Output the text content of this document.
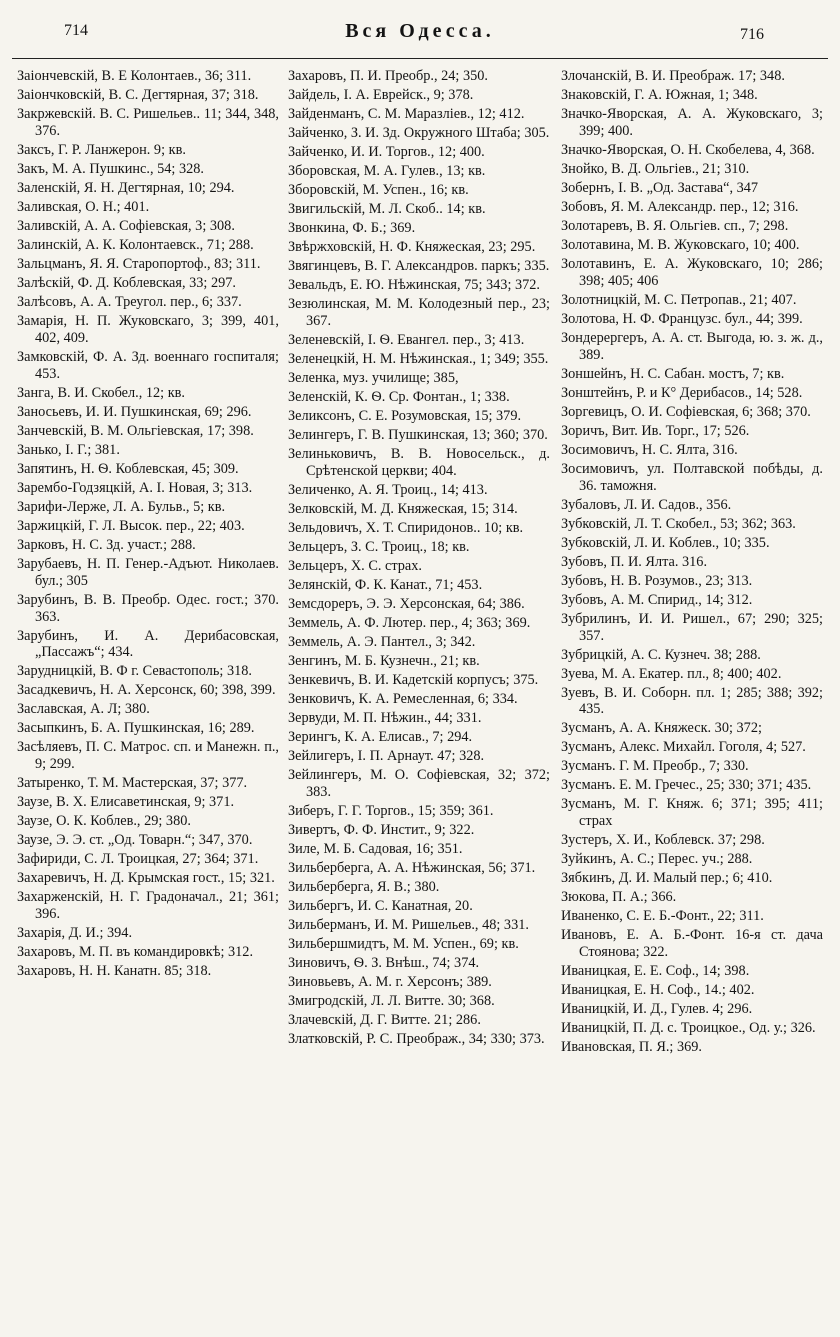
714	Вся Одесса.	716
Заіончевскій, В. Е Колонтаев., 36; 311.
Заіончковскій, В. С. Дегтярная, 37; 318.
Закржевскій. В. С. Ришельев.. 11; 344, 348, 376.
Заксъ, Г. Р. Ланжерон. 9; кв.
Закъ, М. А. Пушкинс., 54; 328.
Заленскій, Я. Н. Дегтярная, 10; 294.
Заливская, О. Н.; 401.
Заливскій, А. А. Софіевская, 3; 308.
Залинскій, А. К. Колонтаевск., 71; 288.
Зальцманъ, Я. Я. Старопортоф., 83; 311.
Залѣскій, Ф. Д. Коблевская, 33; 297.
Залѣсовъ, А. А. Треугол. пер., 6; 337.
Замарія, Н. П. Жуковскаго, 3; 399, 401, 402, 409.
Замковскій, Ф. А. Зд. военнаго госпиталя; 453.
Занга, В. И. Скобел., 12; кв.
Заносьевъ, И. И. Пушкинская, 69; 296.
Занчевскій, В. М. Ольгіевская, 17; 398.
Занько, I. Г.; 381.
Запятинъ, Н. Ѳ. Коблевская, 45; 309.
Зарембо-Годзяцкій, А. I. Новая, 3; 313.
Зарифи-Лерже, Л. А. Бульв., 5; кв.
Заржицкій, Г. Л. Высок. пер., 22; 403.
Зарковъ, Н. С. Зд. участ.; 288.
Зарубаевъ, Н. П. Генер.-Адъют. Николаев. бул.; 305
Зарубинъ, В. В. Преобр. Одес. гост.; 370. 363.
Зарубинъ, И. А. Дерибасовская, „Пассажъ“; 434.
Зарудницкій, В. Ф г. Севастополь; 318.
Засадкевичъ, Н. А. Херсонск, 60; 398, 399.
Заславская, А. Л; 380.
Засыпкинъ, Б. А. Пушкинская, 16; 289.
Засѣляевъ, П. С. Матрос. сп. и Манежн. п., 9; 299.
Затыренко, Т. М. Мастерская, 37; 377.
Заузе, В. Х. Елисаветинская, 9; 371.
Заузе, О. К. Коблев., 29; 380.
Заузе, Э. Э. ст. „Од. Товарн.“; 347, 370.
Зафириди, С. Л. Троицкая, 27; 364; 371.
Захаревичъ, Н. Д. Крымская гост., 15; 321.
Захарженскій, Н. Г. Градоначал., 21; 361; 396.
Захарія, Д. И.; 394.
Захаровъ, М. П. въ командировкѣ; 312.
Захаровъ, Н. Н. Канатн. 85; 318.
Захаровъ, П. И. Преобр., 24; 350.
Зайдель, I. А. Еврейск., 9; 378.
Зайденманъ, С. М. Маразліев., 12; 412.
Зайченко, З. И. Зд. Окружного Штаба; 305.
Зайченко, И. И. Торгов., 12; 400.
Зборовская, М. А. Гулев., 13; кв.
Зборовскій, М. Успен., 16; кв.
Звигильскій, М. Л. Скоб.. 14; кв.
Звонкина, Ф. Б.; 369.
Звѣржховскій, Н. Ф. Княжеская, 23; 295.
Звягинцевъ, В. Г. Александров. паркъ; 335.
Зевальдъ, Е. Ю. Нѣжинская, 75; 343; 372.
Зезюлинская, М. М. Колодезный пер., 23; 367.
Зеленевскій, I. Ѳ. Евангел. пер., 3; 413.
Зеленецкій, Н. М. Нѣжинская., 1; 349; 355.
Зеленка, муз. училище; 385,
Зеленскій, К. Ѳ. Ср. Фонтан., 1; 338.
Зеликсонъ, С. Е. Розумовская, 15; 379.
Зелингеръ, Г. В. Пушкинская, 13; 360; 370.
Зелиньковичъ, В. В. Новосельск., д. Срѣтенской церкви; 404.
Зеличенко, А. Я. Троиц., 14; 413.
Зелковскій, М. Д. Княжеская, 15; 314.
Зельдовичъ, Х. Т. Спиридонов.. 10; кв.
Зельцеръ, З. С. Троиц., 18; кв.
Зельцеръ, Х. С. страх.
Зелянскій, Ф. К. Канат., 71; 453.
Земсдореръ, Э. Э. Херсонская, 64; 386.
Земмель, А. Ф. Лютер. пер., 4; 363; 369.
Земмель, А. Э. Пантел., 3; 342.
Зенгинъ, М. Б. Кузнечн., 21; кв.
Зенкевичъ, В. И. Кадетскій корпусъ; 375.
Зенковичъ, К. А. Ремесленная, 6; 334.
Зервуди, М. П. Нѣжин., 44; 331.
Зерингъ, К. А. Елисав., 7; 294.
Зейлигеръ, I. П. Арнаут. 47; 328.
Зейлингеръ, М. О. Софіевская, 32; 372; 383.
Зиберъ, Г. Г. Торгов., 15; 359; 361.
Зивертъ, Ф. Ф. Инстит., 9; 322.
Зиле, М. Б. Садовая, 16; 351.
Зильберберга, А. А. Нѣжинская, 56; 371.
Зильберберга, Я. В.; 380.
Зильбергъ, И. С. Канатная, 20.
Зильберманъ, И. М. Ришельев., 48; 331.
Зильбершмидтъ, М. М. Успен., 69; кв.
Зиновичъ, Ѳ. З. Внѣш., 74; 374.
Зиновьевъ, А. М. г. Херсонъ; 389.
Змигродскій, Л. Л. Витте. 30; 368.
Злачевскій, Д. Г. Витте. 21; 286.
Златковскій, Р. С. Преображ., 34; 330; 373.
Злочанскій, В. И. Преображ. 17; 348.
Знаковскій, Г. А. Южная, 1; 348.
Значко-Яворская, А. А. Жуковскаго, 3; 399; 400.
Значко-Яворская, О. Н. Скобелева, 4, 368.
Знойко, В. Д. Ольгіев., 21; 310.
Зобернъ, I. В. „Од. Застава“, 347
Зобовъ, Я. М. Александр. пер., 12; 316.
Золотаревъ, В. Я. Ольгіев. сп., 7; 298.
Золотавина, М. В. Жуковскаго, 10; 400.
Золотавинъ, Е. А. Жуковскаго, 10; 286; 398; 405; 406
Золотницкій, М. С. Петропав., 21; 407.
Золотова, Н. Ф. Французс. бул., 44; 399.
Зондерергеръ, А. А. ст. Выгода, ю. з. ж. д., 389.
Зоншейнъ, Н. С. Сабан. мостъ, 7; кв.
Зонштейнъ, Р. и К° Дерибасов., 14; 528.
Зоргевицъ, О. И. Софіевская, 6; 368; 370.
Зоричъ, Вит. Ив. Торг., 17; 526.
Зосимовичъ, Н. С. Ялта, 316.
Зосимовичъ, ул. Полтавской побѣды, д. 36. таможня.
Зубаловъ, Л. И. Садов., 356.
Зубковскій, Л. Т. Скобел., 53; 362; 363.
Зубковскій, Л. И. Коблев., 10; 335.
Зубовъ, П. И. Ялта. 316.
Зубовъ, Н. В. Розумов., 23; 313.
Зубовъ, А. М. Спирид., 14; 312.
Зубрилинъ, И. И. Ришел., 67; 290; 325; 357.
Зубрицкій, А. С. Кузнеч. 38; 288.
Зуева, М. А. Екатер. пл., 8; 400; 402.
Зуевъ, В. И. Соборн. пл. 1; 285; 388; 392; 435.
Зусманъ, А. А. Княжеск. 30; 372;
Зусманъ, Алекс. Михайл. Гоголя, 4; 527.
Зусманъ. Г. М. Преобр., 7; 330.
Зусманъ. Е. М. Гречес., 25; 330; 371; 435.
Зусманъ, М. Г. Княж. 6; 371; 395; 411; страх
Зустеръ, Х. И., Коблевск. 37; 298.
Зуйкинъ, А. С.; Перес. уч.; 288.
Зябкинъ, Д. И. Малый пер.; 6; 410.
Зюкова, П. А.; 366.
Иваненко, С. Е. Б.-Фонт., 22; 311.
Ивановъ, Е. А. Б.-Фонт. 16-я ст. дача Стоянова; 322.
Иваницкая, Е. Е. Соф., 14; 398.
Иваницкая, Е. Н. Соф., 14.; 402.
Иваницкій, И. Д., Гулев. 4; 296.
Иваницкій, П. Д. с. Троицкое., Од. у.; 326.
Ивановская, П. Я.; 369.
